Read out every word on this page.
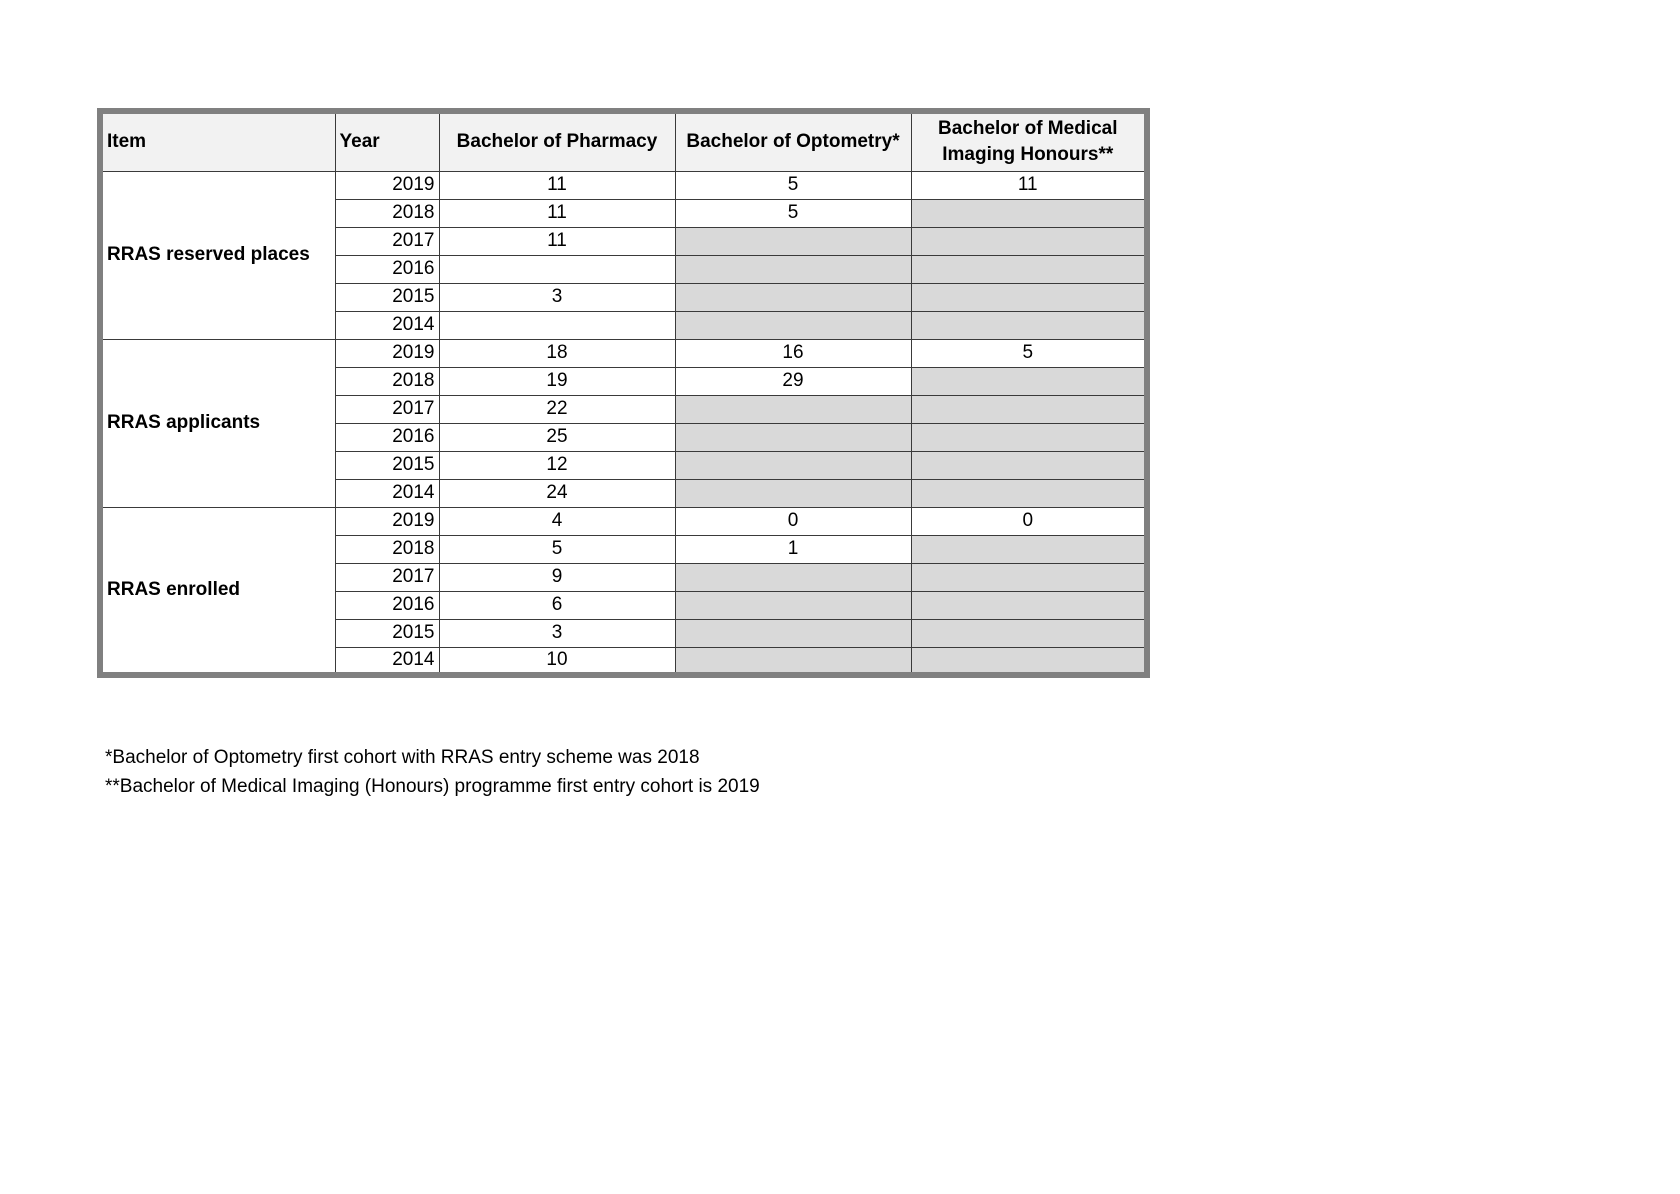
Item	Year	Bachelor of Pharmacy	Bachelor of Optometry*	Bachelor of Medical Imaging Honours**
RRAS reserved places	2019	11	5	11
	2018	11	5	
	2017	11		
	2016			
	2015	3		
	2014			
RRAS applicants	2019	18	16	5
	2018	19	29	
	2017	22		
	2016	25		
	2015	12		
	2014	24		
RRAS enrolled	2019	4	0	0
	2018	5	1	
	2017	9		
	2016	6		
	2015	3		
	2014	10		
*Bachelor of Optometry first cohort with RRAS entry scheme was 2018
**Bachelor of Medical Imaging (Honours) programme first entry cohort is 2019
